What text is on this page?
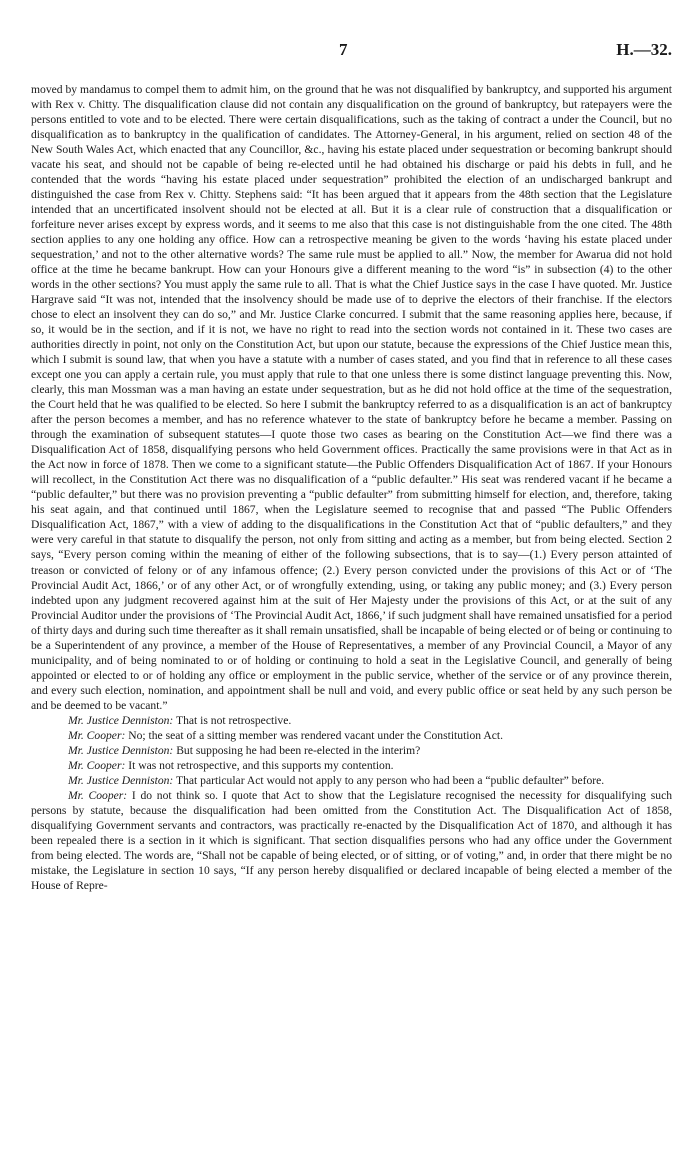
7	H.—32.

moved by mandamus to compel them to admit him, on the ground that he was not disqualified by bankruptcy, and supported his argument with Rex v. Chitty. The disqualification clause did not contain any disqualification on the ground of bankruptcy, but ratepayers were the persons entitled to vote and to be elected. There were certain disqualifications, such as the taking of contract a under the Council, but no disqualification as to bankruptcy in the qualification of candidates. The Attorney-General, in his argument, relied on section 48 of the New South Wales Act, which enacted that any Councillor, &c., having his estate placed under sequestration or becoming bankrupt should vacate his seat, and should not be capable of being re-elected until he had obtained his discharge or paid his debts in full, and he contended that the words “having his estate placed under sequestration” prohibited the election of an undischarged bankrupt and distinguished the case from Rex v. Chitty. Stephens said: “It has been argued that it appears from the 48th section that the Legislature intended that an uncertificated insolvent should not be elected at all. But it is a clear rule of construction that a disqualification or forfeiture never arises except by express words, and it seems to me also that this case is not distinguishable from the one cited. The 48th section applies to any one holding any office. How can a retrospective meaning be given to the words ‘having his estate placed under sequestration,’ and not to the other alternative words? The same rule must be applied to all.” Now, the member for Awarua did not hold office at the time he became bankrupt. How can your Honours give a different meaning to the word “is” in subsection (4) to the other words in the other sections? You must apply the same rule to all. That is what the Chief Justice says in the case I have quoted. Mr. Justice Hargrave said “It was not, intended that the insolvency should be made use of to deprive the electors of their franchise. If the electors chose to elect an insolvent they can do so,” and Mr. Justice Clarke concurred. I submit that the same reasoning applies here, because, if so, it would be in the section, and if it is not, we have no right to read into the section words not contained in it. These two cases are authorities directly in point, not only on the Constitution Act, but upon our statute, because the expressions of the Chief Justice mean this, which I submit is sound law, that when you have a statute with a number of cases stated, and you find that in reference to all these cases except one you can apply a certain rule, you must apply that rule to that one unless there is some distinct language preventing this. Now, clearly, this man Mossman was a man having an estate under sequestration, but as he did not hold office at the time of the sequestration, the Court held that he was qualified to be elected. So here I submit the bankruptcy referred to as a disqualification is an act of bankruptcy after the person becomes a member, and has no reference whatever to the state of bankruptcy before he became a member. Passing on through the examination of subsequent statutes—I quote those two cases as bearing on the Constitution Act—we find there was a Disqualification Act of 1858, disqualifying persons who held Government offices. Practically the same provisions were in that Act as in the Act now in force of 1878. Then we come to a significant statute—the Public Offenders Disqualification Act of 1867. If your Honours will recollect, in the Constitution Act there was no disqualification of a “public defaulter.” His seat was rendered vacant if he became a “public defaulter,” but there was no provision preventing a “public defaulter” from submitting himself for election, and, therefore, taking his seat again, and that continued until 1867, when the Legislature seemed to recognise that and passed “The Public Offenders Disqualification Act, 1867,” with a view of adding to the disqualifications in the Constitution Act that of “public defaulters,” and they were very careful in that statute to disqualify the person, not only from sitting and acting as a member, but from being elected. Section 2 says, “Every person coming within the meaning of either of the following subsections, that is to say—(1.) Every person attainted of treason or convicted of felony or of any infamous offence; (2.) Every person convicted under the provisions of this Act or of ‘The Provincial Audit Act, 1866,’ or of any other Act, or of wrongfully extending, using, or taking any public money; and (3.) Every person indebted upon any judgment recovered against him at the suit of Her Majesty under the provisions of this Act, or at the suit of any Provincial Auditor under the provisions of ‘The Provincial Audit Act, 1866,’ if such judgment shall have remained unsatisfied for a period of thirty days and during such time thereafter as it shall remain unsatisfied, shall be incapable of being elected or of being or continuing to be a Superintendent of any province, a member of the House of Representatives, a member of any Provincial Council, a Mayor of any municipality, and of being nominated to or of holding or continuing to hold a seat in the Legislative Council, and generally of being appointed or elected to or of holding any office or employment in the public service, whether of the service or of any province therein, and every such election, nomination, and appointment shall be null and void, and every public office or seat held by any such person be and be deemed to be vacant.”

Mr. Justice Denniston: That is not retrospective.

Mr. Cooper: No; the seat of a sitting member was rendered vacant under the Constitution Act.

Mr. Justice Denniston: But supposing he had been re-elected in the interim?

Mr. Cooper: It was not retrospective, and this supports my contention.

Mr. Justice Denniston: That particular Act would not apply to any person who had been a “public defaulter” before.

Mr. Cooper: I do not think so. I quote that Act to show that the Legislature recognised the necessity for disqualifying such persons by statute, because the disqualification had been omitted from the Constitution Act. The Disqualification Act of 1858, disqualifying Government servants and contractors, was practically re-enacted by the Disqualification Act of 1870, and although it has been repealed there is a section in it which is significant. That section disqualifies persons who had any office under the Government from being elected. The words are, “Shall not be capable of being elected, or of sitting, or of voting,” and, in order that there might be no mistake, the Legislature in section 10 says, “If any person hereby disqualified or declared incapable of being elected a member of the House of Repre-
